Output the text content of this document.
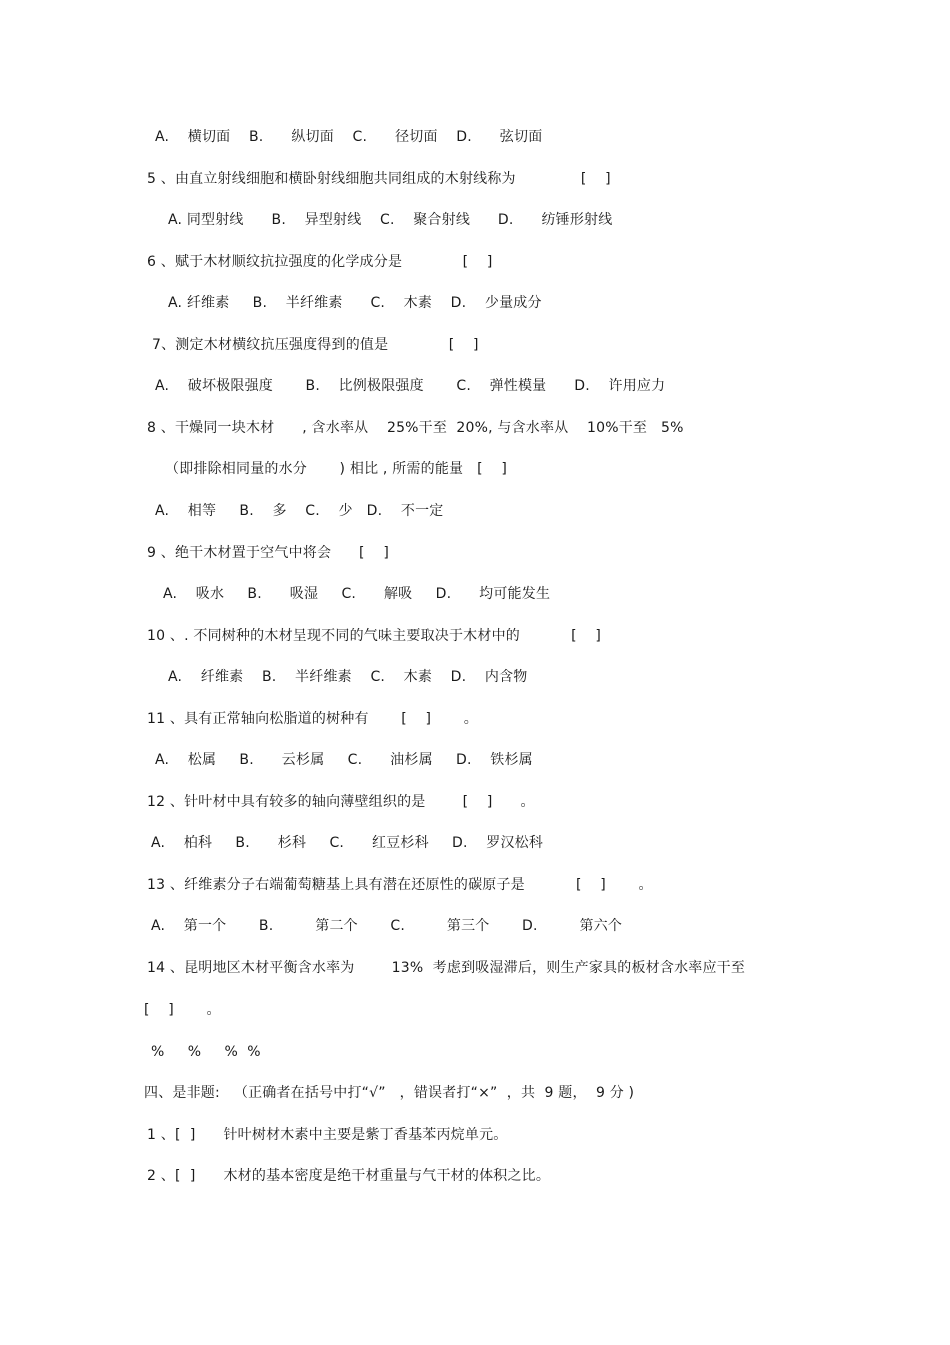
A.    横切面    B.      纵切面    C.      径切面    D.      弦切面
5 、由直立射线细胞和横卧射线细胞共同组成的木射线称为              [    ]
A. 同型射线      B.    异型射线    C.    聚合射线      D.      纺锤形射线
6 、赋于木材顺纹抗拉强度的化学成分是             [    ]
A. 纤维素     B.    半纤维素      C.    木素    D.    少量成分
7、测定木材横纹抗压强度得到的值是             [    ]
A.    破坏极限强度       B.    比例极限强度       C.    弹性模量      D.    许用应力
8 、干燥同一块木材      , 含水率从    25%干至  20%, 与含水率从    10%干至   5%
（即排除相同量的水分       ) 相比 , 所需的能量   [    ]
A.    相等     B.    多    C.    少   D.    不一定
9 、绝干木材置于空气中将会      [    ]
A.    吸水     B.      吸湿     C.      解吸     D.      均可能发生
10 、. 不同树种的木材呈现不同的气味主要取决于木材中的           [    ]
A.    纤维素    B.    半纤维素    C.    木素    D.    内含物
11 、具有正常轴向松脂道的树种有       [    ]       。
A.    松属     B.      云杉属     C.      油杉属     D.    铁杉属
12 、针叶材中具有较多的轴向薄壁组织的是        [    ]      。
A.    柏科     B.      杉科     C.      红豆杉科     D.    罗汉松科
13 、纤维素分子右端葡萄糖基上具有潜在还原性的碳原子是           [    ]       。
A.    第一个       B.         第二个       C.         第三个       D.         第六个
14 、昆明地区木材平衡含水率为        13%  考虑到吸湿滞后，则生产家具的板材含水率应干至
[    ]       。
%     %     %  %
四、是非题:   （正确者在括号中打“√”   ，错误者打“×”  ，共  9 题，  9 分 )
1 、[  ]      针叶树材木素中主要是紫丁香基苯丙烷单元。
2 、[  ]      木材的基本密度是绝干材重量与气干材的体积之比。
